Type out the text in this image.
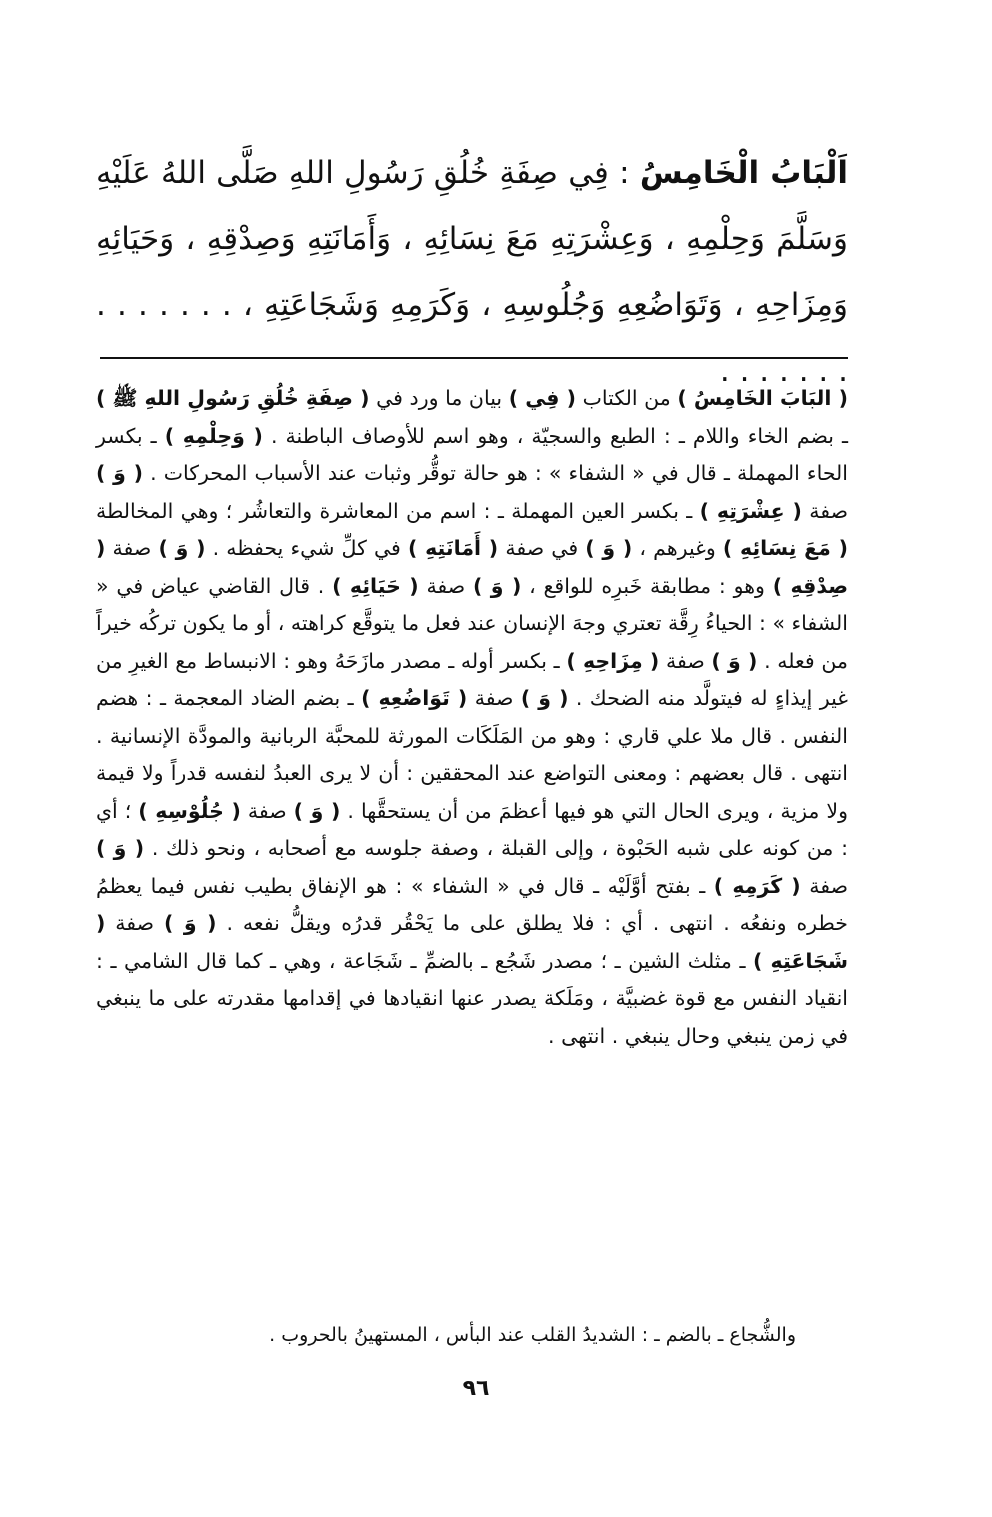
اَلْبَابُ الْخَامِسُ : فِي صِفَةِ خُلُقِ رَسُولِ اللهِ صَلَّى اللهُ عَلَيْهِ وَسَلَّمَ وَحِلْمِهِ ، وَعِشْرَتِهِ مَعَ نِسَائِهِ ، وَأَمَانَتِهِ وَصِدْقِهِ ، وَحَيَائِهِ وَمِزَاحِهِ ، وَتَوَاضُعِهِ وَجُلُوسِهِ ، وَكَرَمِهِ وَشَجَاعَتِهِ ، . . . . . . . . . . . . . .

( البَابَ الخَامِسُ ) من الكتاب ( فِي ) بيان ما ورد في ( صِفَةِ خُلُقِ رَسُولِ اللهِ ﷺ ) ـ بضم الخاء واللام ـ : الطبع والسجيّة ، وهو اسم للأوصاف الباطنة . ( وَحِلْمِهِ ) ـ بكسر الحاء المهملة ـ قال في « الشفاء » : هو حالة توقُّر وثبات عند الأسباب المحركات . ( وَ ) صفة ( عِشْرَتِهِ ) ـ بكسر العين المهملة ـ : اسم من المعاشرة والتعاشُر ؛ وهي المخالطة ( مَعَ نِسَائِهِ ) وغيرهم ، ( وَ ) في صفة ( أَمَانَتِهِ ) في كلِّ شيء يحفظه . ( وَ ) صفة ( صِدْقِهِ ) وهو : مطابقة خَبرِه للواقع ، ( وَ ) صفة ( حَيَائِهِ ) . قال القاضي عياض في « الشفاء » : الحياءُ رِقَّة تعتري وجهَ الإنسان عند فعل ما يتوقَّع كراهته ، أو ما يكون تركُه خيراً من فعله . ( وَ ) صفة ( مِزَاحِهِ ) ـ بكسر أوله ـ مصدر مازَحَهُ وهو : الانبساط مع الغيرِ من غير إيذاءٍ له فيتولَّد منه الضحك . ( وَ ) صفة ( تَوَاضُعِهِ ) ـ بضم الضاد المعجمة ـ : هضم النفس . قال ملا علي قاري : وهو من المَلَكَات المورثة للمحبَّة الربانية والمودَّة الإنسانية . انتهى . قال بعضهم : ومعنى التواضع عند المحققين : أن لا يرى العبدُ لنفسه قدراً ولا قيمة ولا مزية ، ويرى الحال التي هو فيها أعظمَ من أن يستحقَّها . ( وَ ) صفة ( جُلُوْسِهِ ) ؛ أي : من كونه على شبه الحَبْوة ، وإلى القبلة ، وصفة جلوسه مع أصحابه ، ونحو ذلك . ( وَ ) صفة ( كَرَمِهِ ) ـ بفتح أوَّلَيْه ـ قال في « الشفاء » : هو الإنفاق بطيب نفس فيما يعظمُ خطره ونفعُه . انتهى . أي : فلا يطلق على ما يَحْقُر قدرُه ويقلُّ نفعه . ( وَ ) صفة ( شَجَاعَتِهِ ) ـ مثلث الشين ـ ؛ مصدر شَجُع ـ بالضمِّ ـ شَجَاعة ، وهي ـ كما قال الشامي ـ : انقياد النفس مع قوة غضبيَّة ، ومَلَكة يصدر عنها انقيادها في إقدامها مقدرته على ما ينبغي في زمن ينبغي وحال ينبغي . انتهى .

والشُّجاع ـ بالضم ـ : الشديدُ القلب عند البأس ، المستهينُ بالحروب .
٩٦
